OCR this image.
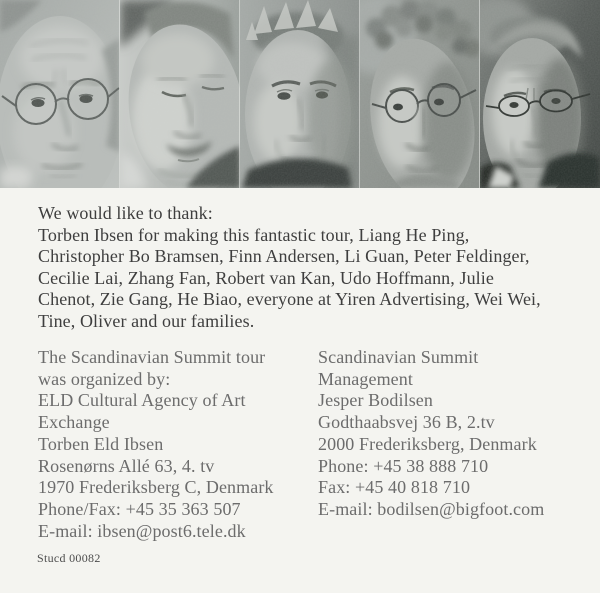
We would like to thank:
Torben Ibsen for making this fantastic tour, Liang He Ping,
Christopher Bo Bramsen, Finn Andersen, Li Guan, Peter Feldinger,
Cecilie Lai, Zhang Fan, Robert van Kan, Udo Hoffmann, Julie
Chenot, Zie Gang, He Biao, everyone at Yiren Advertising, Wei Wei,
Tine, Oliver and our families.
The Scandinavian Summit tour
was organized by:
ELD Cultural Agency of Art
Exchange
Torben Eld Ibsen
Rosenørns Allé 63, 4. tv
1970 Frederiksberg C, Denmark
Phone/Fax: +45 35 363 507
E-mail: ibsen@post6.tele.dk
Scandinavian Summit
Management
Jesper Bodilsen
Godthaabsvej 36 B, 2.tv
2000 Frederiksberg, Denmark
Phone: +45 38 888 710
Fax: +45 40 818 710
E-mail: bodilsen@bigfoot.com
Stucd 00082
